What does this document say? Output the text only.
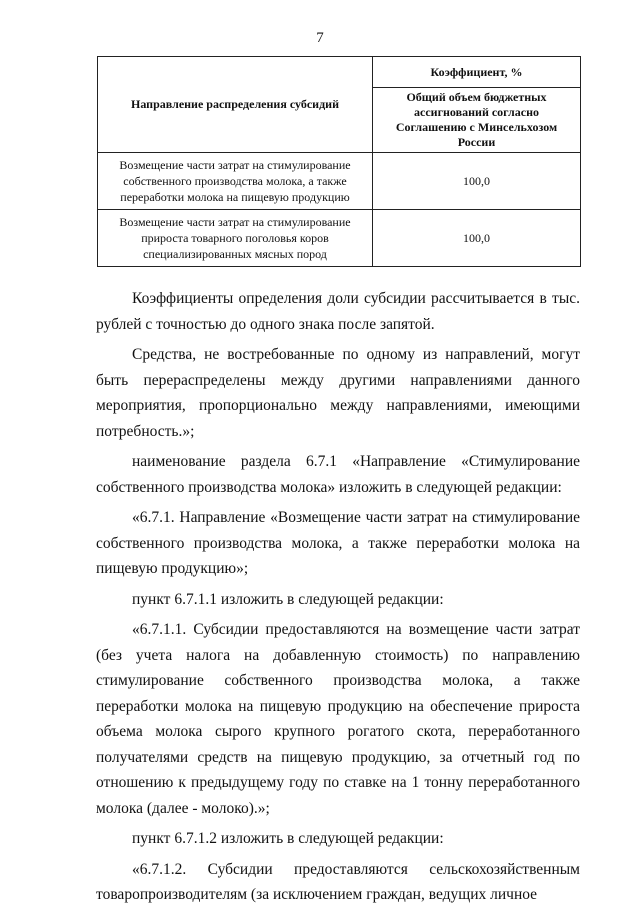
7
Направление распределения субсидий	Коэффициент, %
	Общий объем бюджетных ассигнований согласно Соглашению с Минсельхозом России
Возмещение части затрат на стимулирование собственного производства молока, а также переработки молока на пищевую продукцию	100,0
Возмещение части затрат на стимулирование прироста товарного поголовья коров специализированных мясных пород	100,0

Коэффициенты определения доли субсидии рассчитывается в тыс. рублей с точностью до одного знака после запятой.

Средства, не востребованные по одному из направлений, могут быть перераспределены между другими направлениями данного мероприятия, пропорционально между направлениями, имеющими потребность.»;

наименование раздела 6.7.1 «Направление «Стимулирование собственного производства молока» изложить в следующей редакции:

«6.7.1. Направление «Возмещение части затрат на стимулирование собственного производства молока, а также переработки молока на пищевую продукцию»;

пункт 6.7.1.1 изложить в следующей редакции:

«6.7.1.1. Субсидии предоставляются на возмещение части затрат (без учета налога на добавленную стоимость) по направлению стимулирование собственного производства молока, а также переработки молока на пищевую продукцию на обеспечение прироста объема молока сырого крупного рогатого скота, переработанного получателями средств на пищевую продукцию, за отчетный год по отношению к предыдущему году по ставке на 1 тонну переработанного молока (далее - молоко).»;

пункт 6.7.1.2 изложить в следующей редакции:

«6.7.1.2. Субсидии предоставляются сельскохозяйственным товаропроизводителям (за исключением граждан, ведущих личное
